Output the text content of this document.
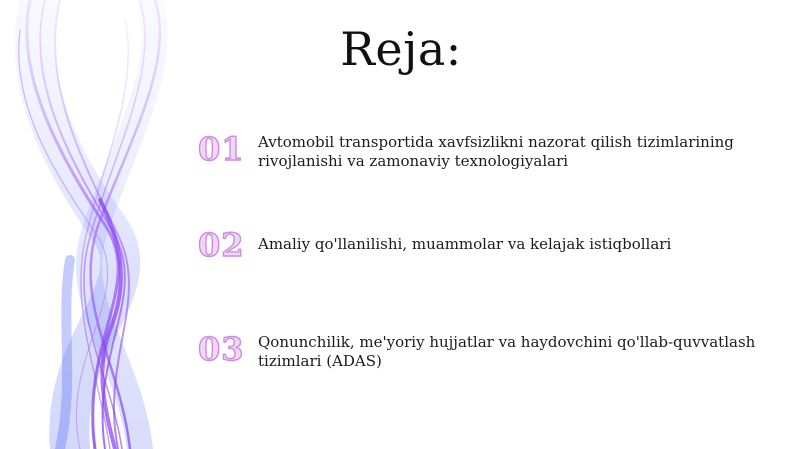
Reja:
01 Avtomobil transportida xavfsizlikni nazorat qilish tizimlarining rivojlanishi va zamonaviy texnologiyalari
02 Amaliy qo'llanilishi, muammolar va kelajak istiqbollari
03 Qonunchilik, me'yoriy hujjatlar va haydovchini qo'llab-quvvatlash tizimlari (ADAS)
